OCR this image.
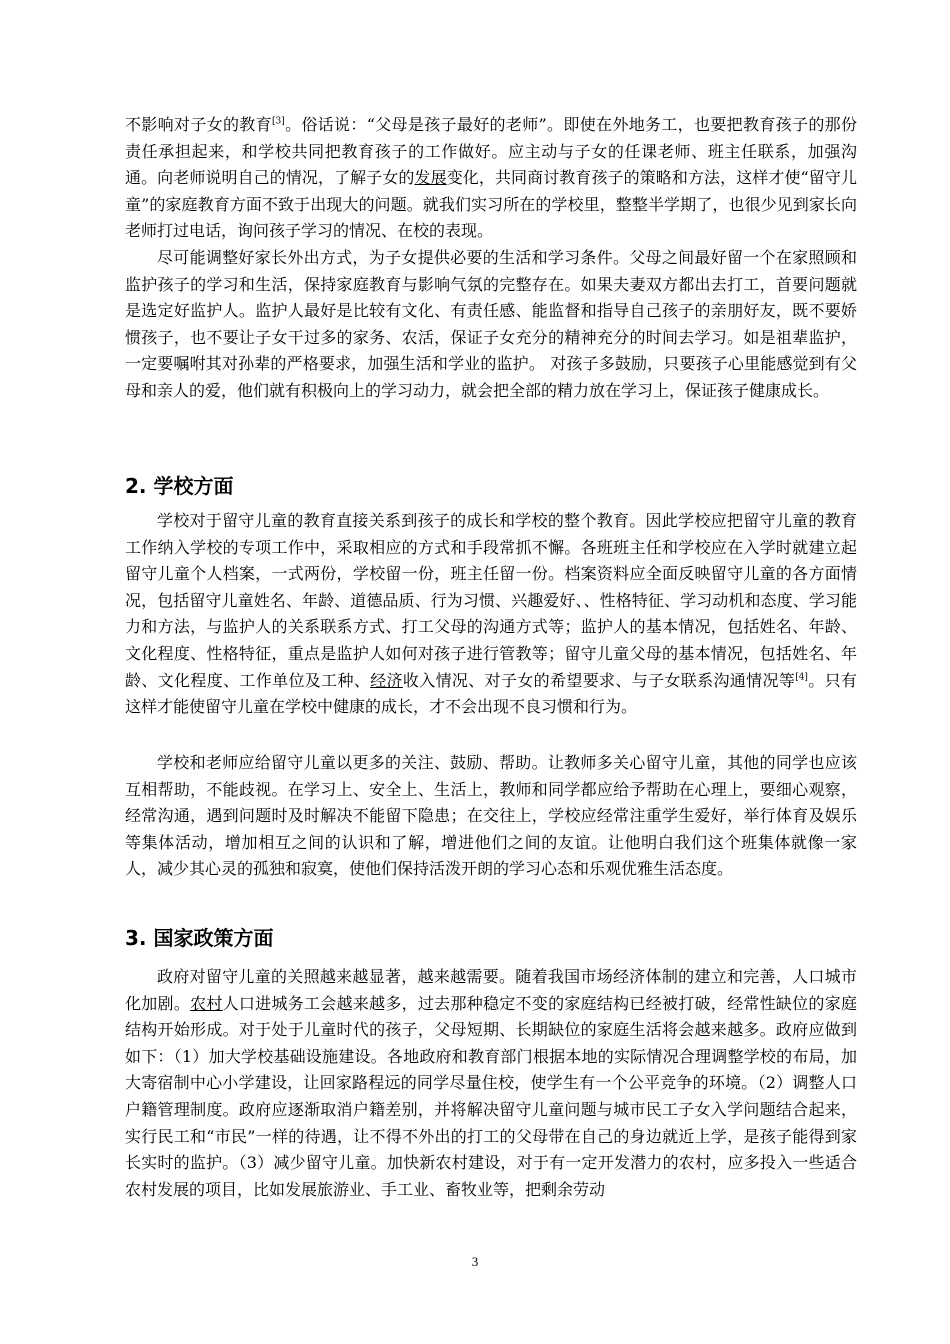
不影响对子女的教育[3]。俗话说：“父母是孩子最好的老师”。即使在外地务工，也要把教育孩子的那份责任承担起来，和学校共同把教育孩子的工作做好。应主动与子女的任课老师、班主任联系，加强沟通。向老师说明自己的情况，了解子女的发展变化，共同商讨教育孩子的策略和方法，这样才使“留守儿童”的家庭教育方面不致于出现大的问题。就我们实习所在的学校里，整整半学期了，也很少见到家长向老师打过电话，询问孩子学习的情况、在校的表现。

尽可能调整好家长外出方式，为子女提供必要的生活和学习条件。父母之间最好留一个在家照顾和监护孩子的学习和生活，保持家庭教育与影响气氛的完整存在。如果夫妻双方都出去打工，首要问题就是选定好监护人。监护人最好是比较有文化、有责任感、能监督和指导自己孩子的亲朋好友，既不要娇惯孩子，也不要让子女干过多的家务、农活，保证子女充分的精神充分的时间去学习。如是祖辈监护，一定要嘱咐其对孙辈的严格要求，加强生活和学业的监护。 对孩子多鼓励，只要孩子心里能感觉到有父母和亲人的爱，他们就有积极向上的学习动力，就会把全部的精力放在学习上，保证孩子健康成长。

2. 学校方面

学校对于留守儿童的教育直接关系到孩子的成长和学校的整个教育。因此学校应把留守儿童的教育工作纳入学校的专项工作中，采取相应的方式和手段常抓不懈。各班班主任和学校应在入学时就建立起留守儿童个人档案，一式两份，学校留一份，班主任留一份。档案资料应全面反映留守儿童的各方面情况，包括留守儿童姓名、年龄、道德品质、行为习惯、兴趣爱好、、性格特征、学习动机和态度、学习能力和方法，与监护人的关系联系方式、打工父母的沟通方式等；监护人的基本情况，包括姓名、年龄、文化程度、性格特征，重点是监护人如何对孩子进行管教等；留守儿童父母的基本情况，包括姓名、年龄、文化程度、工作单位及工种、经济收入情况、对子女的希望要求、与子女联系沟通情况等[4]。只有这样才能使留守儿童在学校中健康的成长，才不会出现不良习惯和行为。

学校和老师应给留守儿童以更多的关注、鼓励、帮助。让教师多关心留守儿童，其他的同学也应该互相帮助，不能歧视。在学习上、安全上、生活上，教师和同学都应给予帮助在心理上，要细心观察，经常沟通，遇到问题时及时解决不能留下隐患；在交往上，学校应经常注重学生爱好，举行体育及娱乐等集体活动，增加相互之间的认识和了解，增进他们之间的友谊。让他明白我们这个班集体就像一家人，减少其心灵的孤独和寂寞，使他们保持活泼开朗的学习心态和乐观优雅生活态度。

3. 国家政策方面

政府对留守儿童的关照越来越显著，越来越需要。随着我国市场经济体制的建立和完善，人口城市化加剧。农村人口进城务工会越来越多，过去那种稳定不变的家庭结构已经被打破，经常性缺位的家庭结构开始形成。对于处于儿童时代的孩子，父母短期、长期缺位的家庭生活将会越来越多。政府应做到如下：（1）加大学校基础设施建设。各地政府和教育部门根据本地的实际情况合理调整学校的布局，加大寄宿制中心小学建设，让回家路程远的同学尽量住校，使学生有一个公平竞争的环境。（2）调整人口户籍管理制度。政府应逐渐取消户籍差别，并将解决留守儿童问题与城市民工子女入学问题结合起来，实行民工和“市民”一样的待遇，让不得不外出的打工的父母带在自己的身边就近上学，是孩子能得到家长实时的监护。（3）减少留守儿童。加快新农村建设，对于有一定开发潜力的农村，应多投入一些适合农村发展的项目，比如发展旅游业、手工业、畜牧业等，把剩余劳动

3
